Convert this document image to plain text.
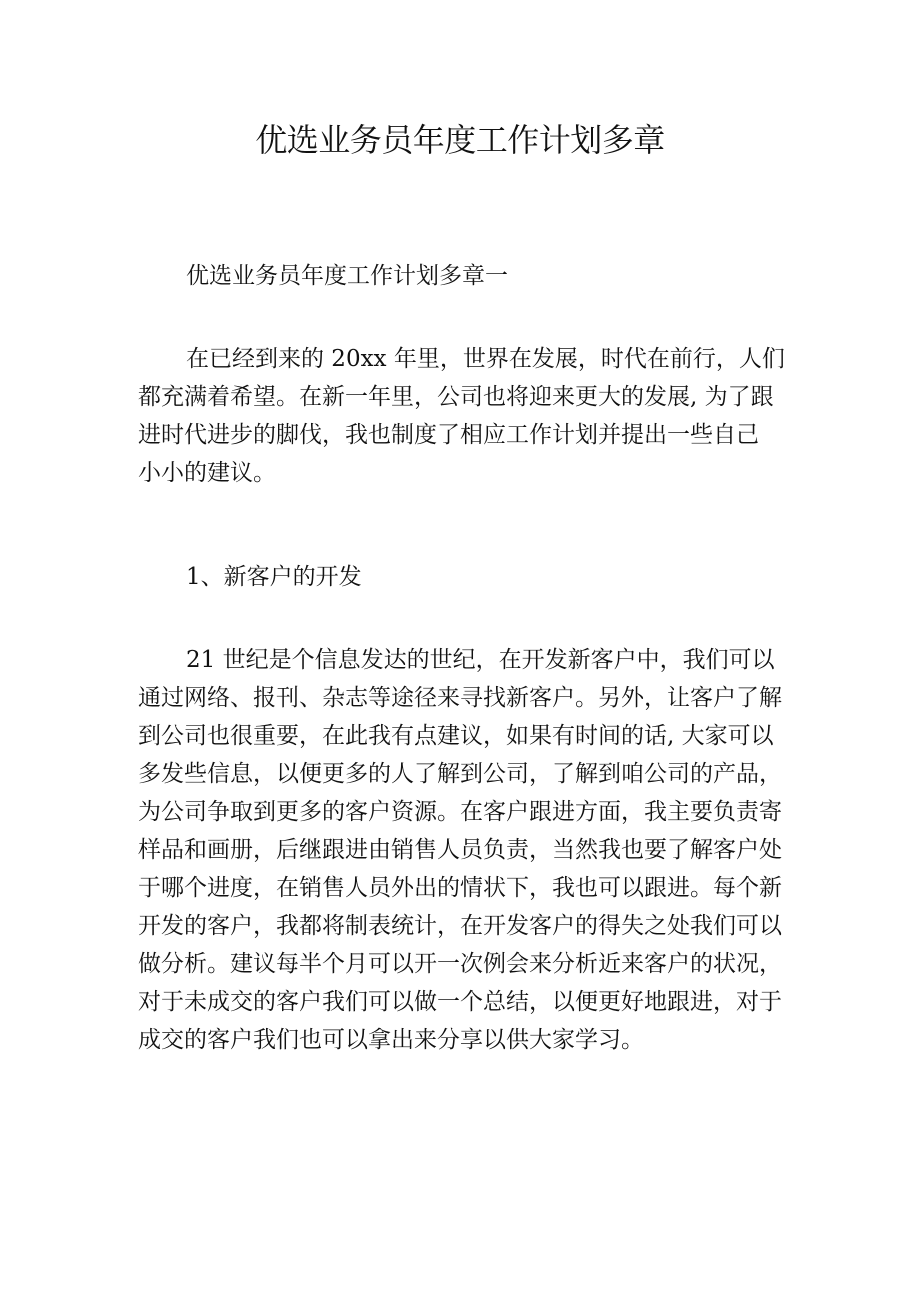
优选业务员年度工作计划多章

优选业务员年度工作计划多章一

在已经到来的 20xx 年里，世界在发展，时代在前行，人们
都充满着希望。在新一年里，公司也将迎来更大的发展, 为了跟
进时代进步的脚伐，我也制度了相应工作计划并提出一些自己
小小的建议。

1、新客户的开发

21 世纪是个信息发达的世纪，在开发新客户中，我们可以
通过网络、报刊、杂志等途径来寻找新客户。另外，让客户了解
到公司也很重要，在此我有点建议，如果有时间的话, 大家可以
多发些信息，以便更多的人了解到公司，了解到咱公司的产品，
为公司争取到更多的客户资源。在客户跟进方面，我主要负责寄
样品和画册，后继跟进由销售人员负责，当然我也要了解客户处
于哪个进度，在销售人员外出的情状下，我也可以跟进。每个新
开发的客户，我都将制表统计，在开发客户的得失之处我们可以
做分析。建议每半个月可以开一次例会来分析近来客户的状况，
对于未成交的客户我们可以做一个总结，以便更好地跟进，对于
成交的客户我们也可以拿出来分享以供大家学习。
